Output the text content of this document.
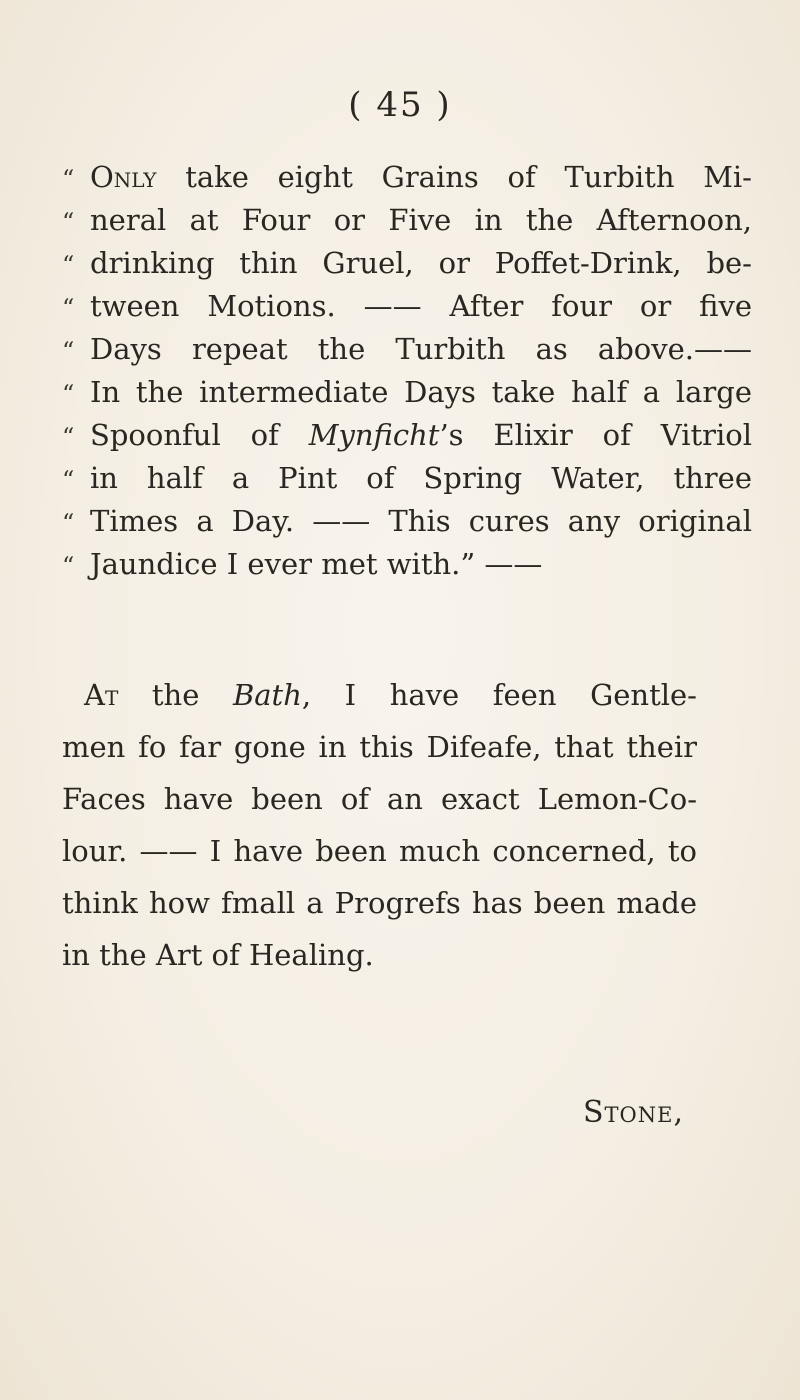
( 45 )
“ Only take eight Grains of Turbith Mi-
“ neral at Four or Five in the Afternoon,
“ drinking thin Gruel, or Poffet-Drink, be-
“ tween Motions. —— After four or five
“ Days repeat the Turbith as above.——
“ In the intermediate Days take half a large
“ Spoonful of Mynficht’s Elixir of Vitriol
“ in half a Pint of Spring Water, three
“ Times a Day. —— This cures any original
“ Jaundice I ever met with.” ——
At the Bath, I have feen Gentle-
men fo far gone in this Difeafe, that their
Faces have been of an exact Lemon-Co-
lour. —— I have been much concerned, to
think how fmall a Progrefs has been made
in the Art of Healing.
Stone,
